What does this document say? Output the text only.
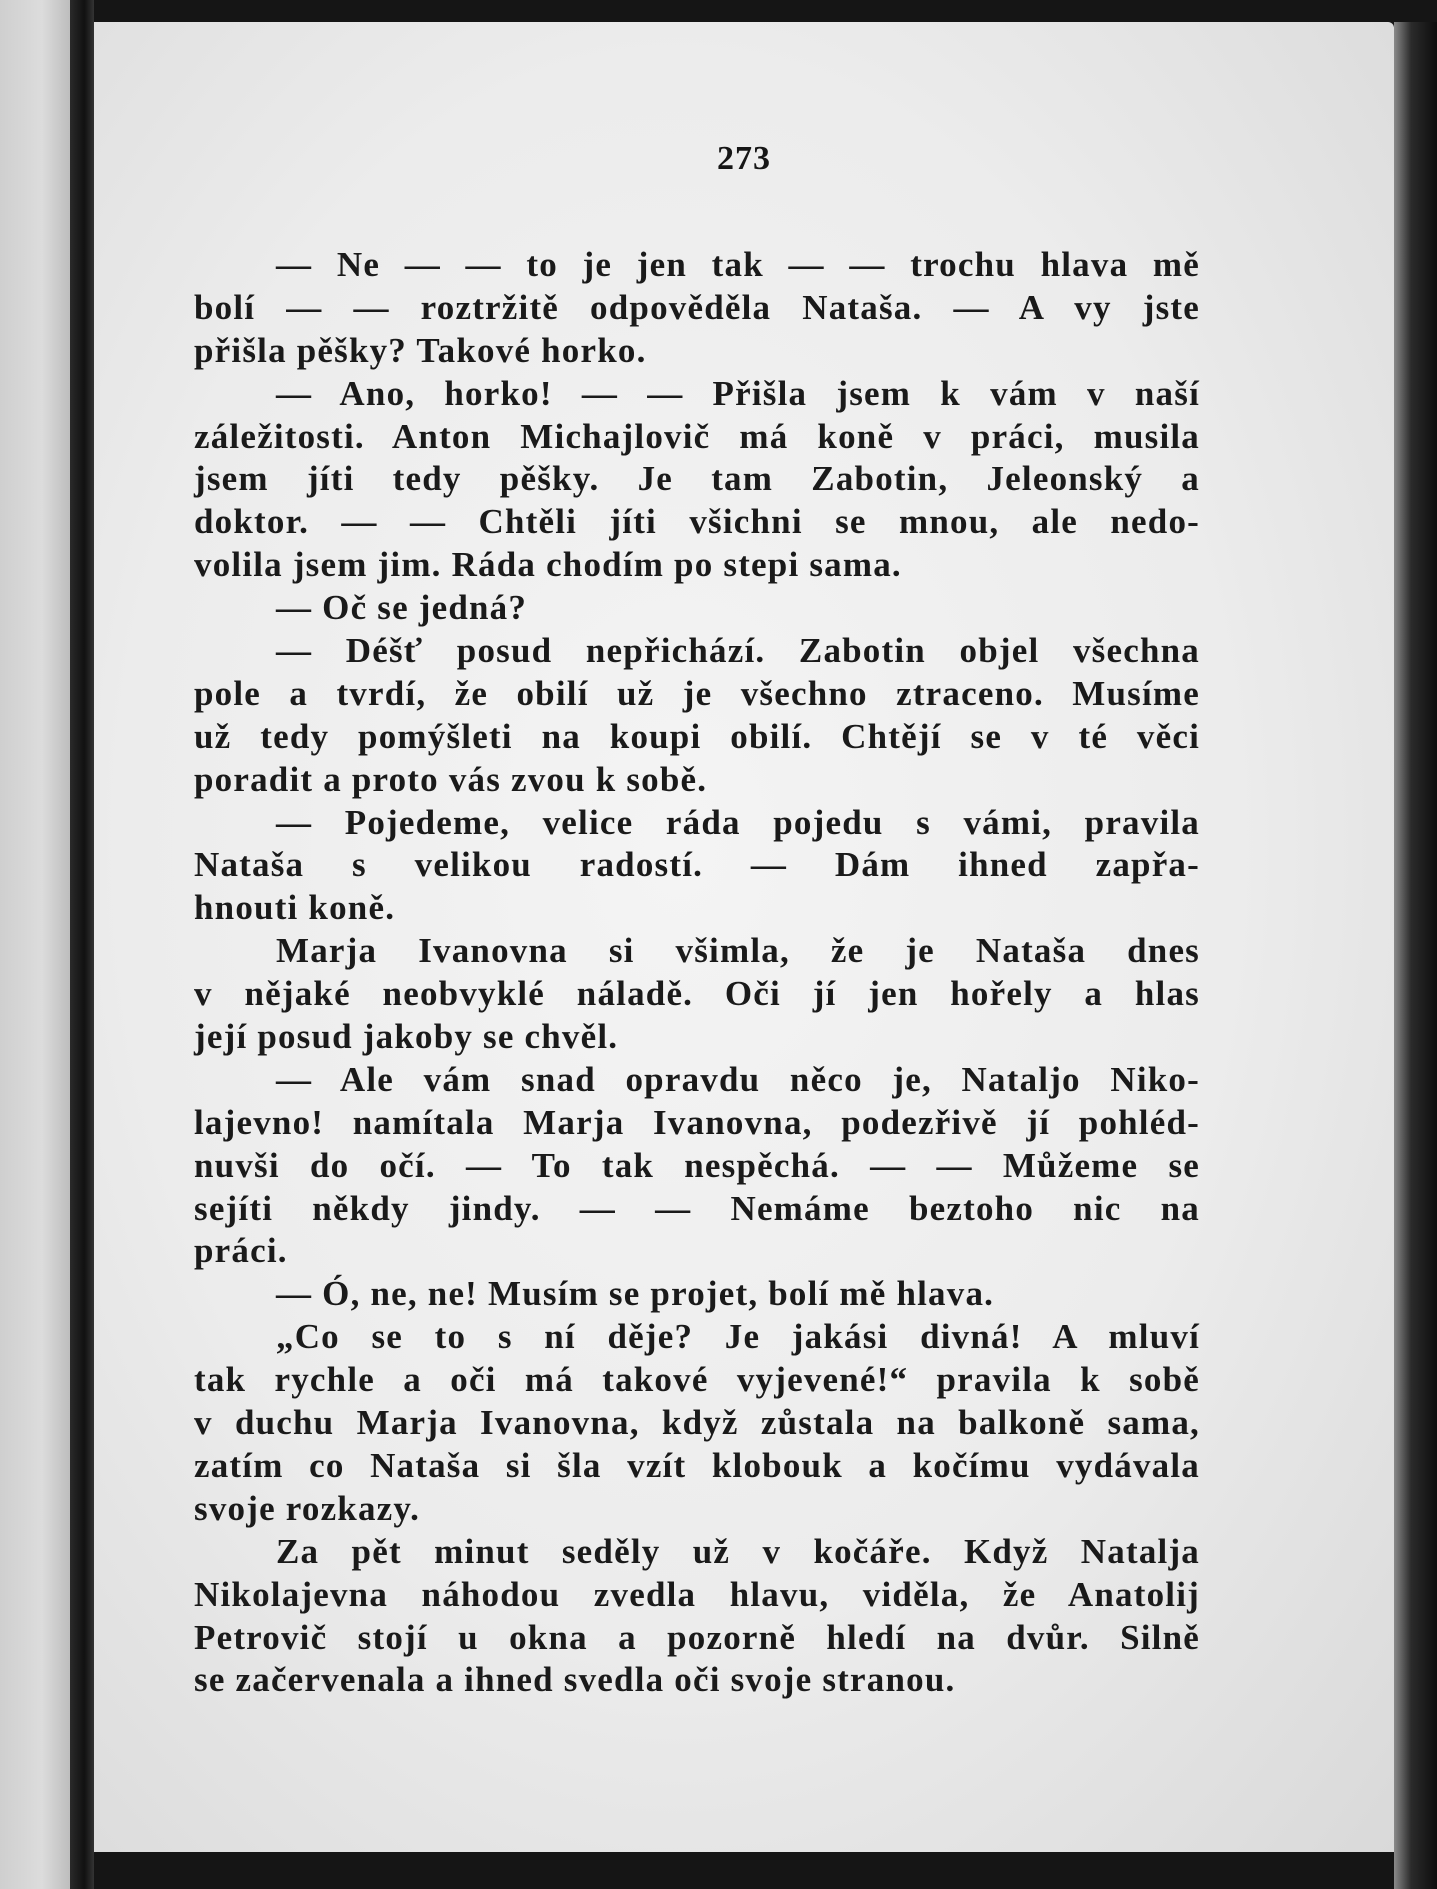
273
— Ne — — to je jen tak — — trochu hlava mě
bolí — — roztržitě odpověděla Nataša. — A vy jste
přišla pěšky? Takové horko.
— Ano, horko! — — Přišla jsem k vám v naší
záležitosti. Anton Michajlovič má koně v práci, musila
jsem jíti tedy pěšky. Je tam Zabotin, Jeleonský a
doktor. — — Chtěli jíti všichni se mnou, ale nedo-
volila jsem jim. Ráda chodím po stepi sama.
— Oč se jedná?
— Déšť posud nepřichází. Zabotin objel všechna
pole a tvrdí, že obilí už je všechno ztraceno. Musíme
už tedy pomýšleti na koupi obilí. Chtějí se v té věci
poradit a proto vás zvou k sobě.
— Pojedeme, velice ráda pojedu s vámi, pravila
Nataša s velikou radostí. — Dám ihned zapřa-
hnouti koně.
Marja Ivanovna si všimla, že je Nataša dnes
v nějaké neobvyklé náladě. Oči jí jen hořely a hlas
její posud jakoby se chvěl.
— Ale vám snad opravdu něco je, Nataljo Niko-
lajevno! namítala Marja Ivanovna, podezřivě jí pohléd-
nuvši do očí. — To tak nespěchá. — — Můžeme se
sejíti někdy jindy. — — Nemáme beztoho nic na
práci.
— Ó, ne, ne! Musím se projet, bolí mě hlava.
„Co se to s ní děje? Je jakási divná! A mluví
tak rychle a oči má takové vyjevené!“ pravila k sobě
v duchu Marja Ivanovna, když zůstala na balkoně sama,
zatím co Nataša si šla vzít klobouk a kočímu vydávala
svoje rozkazy.
Za pět minut seděly už v kočáře. Když Natalja
Nikolajevna náhodou zvedla hlavu, viděla, že Anatolij
Petrovič stojí u okna a pozorně hledí na dvůr. Silně
se začervenala a ihned svedla oči svoje stranou.
